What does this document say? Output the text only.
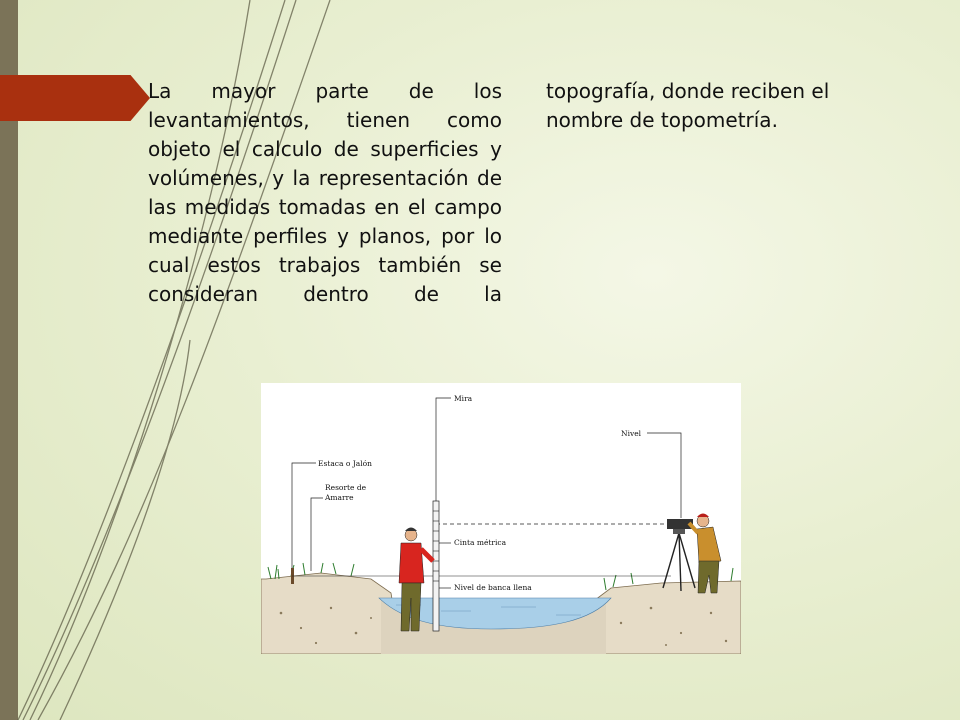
La mayor parte de los levantamientos, tienen como objeto el calculo de superficies y volúmenes, y la representación de las medidas tomadas en el campo mediante perfiles y planos, por lo cual estos trabajos también se consideran dentro de la
topografía, donde reciben el nombre de topometría.
Mira
Nivel
Estaca o Jalón
Resorte de
Amarre
Cinta métrica
Nivel de banca llena
